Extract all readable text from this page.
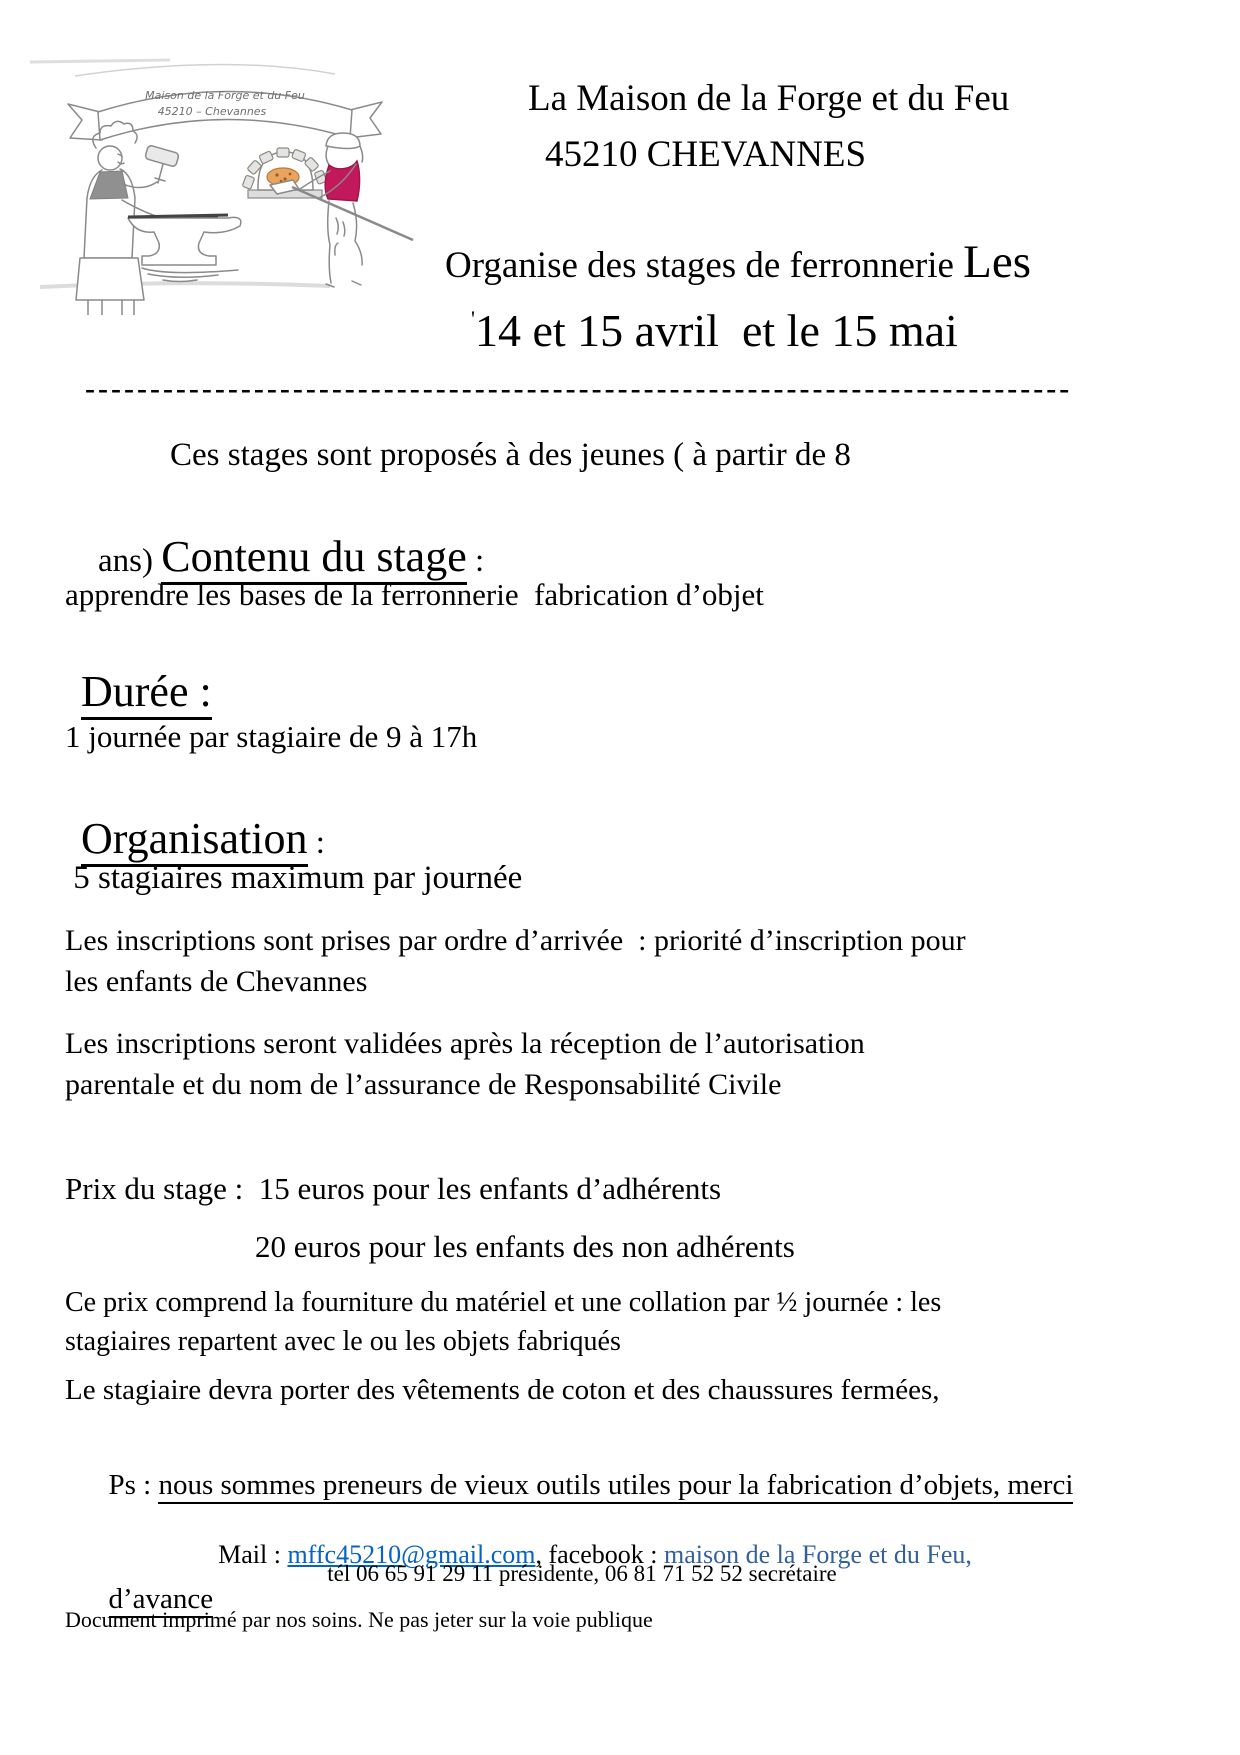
Maison de la Forge et du Feu
45210 – Chevannes	La Maison de la Forge et du Feu
45210 CHEVANNES

Organise des stages de ferronnerie Les

'14 et 15 avril  et le 15 mai

----------------------------------------------------------------------------
Ces stages sont proposés à des jeunes ( à partir de 8

ans) Contenu du stage :

apprendre les bases de la ferronnerie  fabrication d’objet

Durée :

1 journée par stagiaire de 9 à 17h

Organisation :

5 stagiaires maximum par journée
Les inscriptions sont prises par ordre d’arrivée  : priorité d’inscription pour
les enfants de Chevannes
Les inscriptions seront validées après la réception de l’autorisation
parentale et du nom de l’assurance de Responsabilité Civile
Prix du stage :  15 euros pour les enfants d’adhérents
20 euros pour les enfants des non adhérents
Ce prix comprend la fourniture du matériel et une collation par ½ journée : les
stagiaires repartent avec le ou les objets fabriqués
Le stagiaire devra porter des vêtements de coton et des chaussures fermées,

Ps : nous sommes preneurs de vieux outils utiles pour la fabrication d’objets, merci

d’avance

Mail : mffc45210@gmail.com, facebook : maison de la Forge et du Feu,

tél 06 65 91 29 11 présidente, 06 81 71 52 52 secrétaire
Document imprimé par nos soins. Ne pas jeter sur la voie publique
